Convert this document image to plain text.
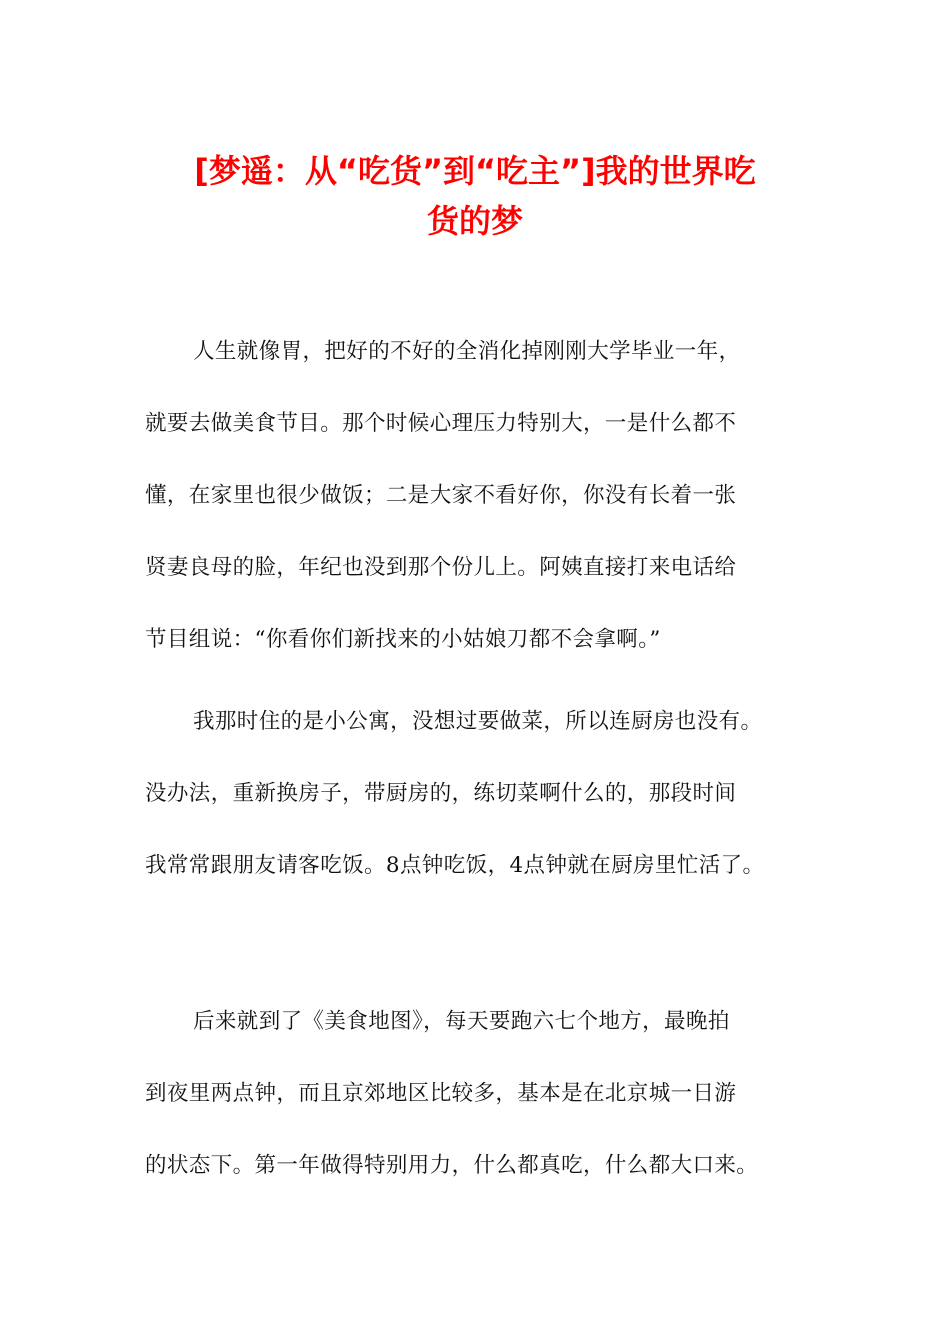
[梦遥：从“吃货”到“吃主”]我的世界吃
货的梦

人生就像胃，把好的不好的全消化掉刚刚大学毕业一年，
就要去做美食节目。那个时候心理压力特别大，一是什么都不
懂，在家里也很少做饭；二是大家不看好你，你没有长着一张
贤妻良母的脸，年纪也没到那个份儿上。阿姨直接打来电话给
节目组说：“你看你们新找来的小姑娘刀都不会拿啊。”

我那时住的是小公寓，没想过要做菜，所以连厨房也没有。
没办法，重新换房子，带厨房的，练切菜啊什么的，那段时间
我常常跟朋友请客吃饭。8点钟吃饭，4点钟就在厨房里忙活了。

后来就到了《美食地图》，每天要跑六七个地方，最晚拍
到夜里两点钟，而且京郊地区比较多，基本是在北京城一日游
的状态下。第一年做得特别用力，什么都真吃，什么都大口来。
